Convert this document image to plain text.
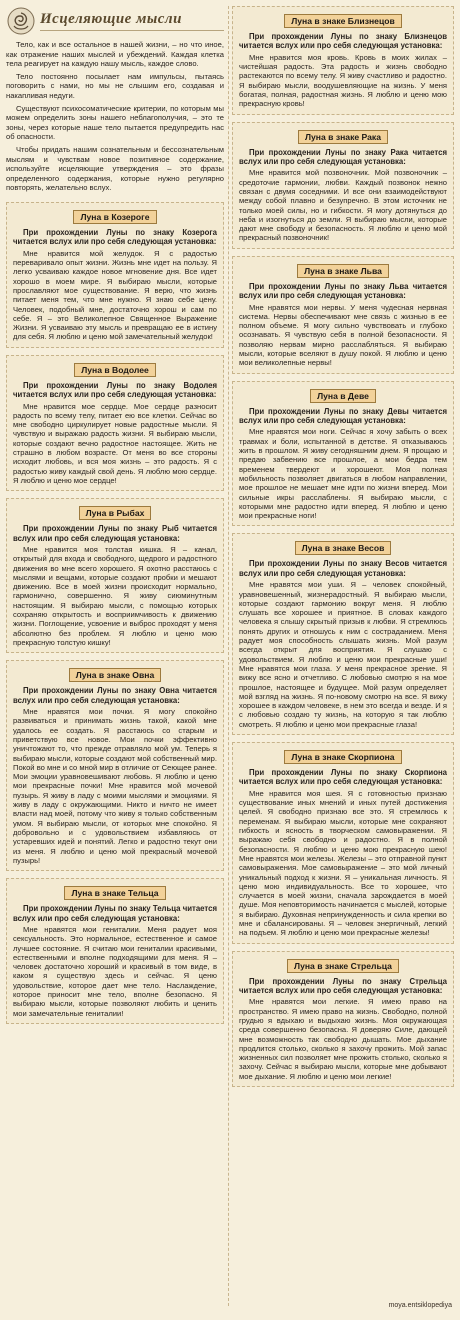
Исцеляющие мысли

Тело, как и все остальное в нашей жизни, – но что иное, как отражение наших мыслей и убеждений. Каждая клетка тела реагирует на каждую нашу мысль, каждое слово.

Тело постоянно посылает нам импульсы, пытаясь поговорить с нами, но мы не слышим его, создавая и накапливая недуги.

Существуют психосоматические критерии, по которым мы можем определить зоны нашего неблагополучия, – это те зоны, через которые наше тело пытается предупредить нас об опасности.

Чтобы придать нашим сознательным и бессознательным мыслям и чувствам новое позитивное содержание, используйте исцеляющие утверждения – это фразы определенного содержания, которые нужно регулярно повторять, желательно вслух.

Луна в Козероге

При прохождении Луны по знаку Козерога читается вслух или про себя следующая установка:

Мне нравится мой желудок. Я с радостью переваривало опыт жизни. Жизнь мне идет на пользу. Я легко усваиваю каждое новое мгновение дня. Все идет хорошо в моем мире. Я выбираю мысли, которые прославляют мое существование. Я верю, что жизнь питает меня тем, что мне нужно. Я знаю себе цену. Человек, подобный мне, достаточно хорош и сам по себе. Я – это Великолепное Священное Выражение Жизни. Я усваиваю эту мысль и превращаю ее в истину для себя. Я люблю и ценю мой замечательный желудок!

Луна в Водолее

При прохождении Луны по знаку Водолея читается вслух или про себя следующая установка:

Мне нравится мое сердце. Мое сердце разносит радость по всему телу, питает ею все клетки. Сейчас во мне свободно циркулирует новые радостные мысли. Я чувствую и выражаю радость жизни. Я выбираю мысли, которые создают вечно радостное настоящее. Жить не страшно в любом возрасте. От меня во все стороны исходит любовь, и вся моя жизнь – это радость. Я с радостью живу каждый свой день. Я люблю мою сердце. Я люблю и ценю мое сердце!

Луна в Рыбах

При прохождении Луны по знаку Рыб читается вслух или про себя следующая установка:

Мне нравится моя толстая кишка. Я – канал, открытый для входа и свободного, щедрого и радостного движения во мне всего хорошего. Я охотно расстаюсь с мыслями и вещами, которые создают пробки и мешают движению. Все в моей жизни происходит нормально, гармонично, совершенно. Я живу сиюминутным настоящим. Я выбираю мысли, с помощью которых сохраняю открытость и восприимчивость к движению жизни. Поглощение, усвоение и выброс проходят у меня абсолютно без проблем. Я люблю и ценю мою прекрасную толстую кишку!

Луна в знаке Овна

При прохождении Луны по знаку Овна читается вслух или про себя следующая установка:

Мне нравятся мои почки. Я могу спокойно развиваться и принимать жизнь такой, какой мне удалось ее создать. Я расстаюсь со старым и приветствую все новое. Мои почки эффективно уничтожают то, что прежде отравляло мой ум. Теперь я выбираю мысли, которые создают мой собственный мир. Покой во мне и со мной мир в отличие от Сеющее ранее. Мои эмоции уравновешивают любовь. Я люблю и ценю мои прекрасные почки! Мне нравится мой мочевой пузырь. Я живу в ладу с моими мыслями и эмоциями. Я живу в ладу с окружающими. Никто и ничто не имеет власти над моей, потому что живу я только собственным умом. Я выбираю мысли, от которых мне спокойно. Я добровольно и с удовольствием избавляюсь от устаревших идей и понятий. Легко и радостно текут они из меня. Я люблю и ценю мой прекрасный мочевой пузырь!

Луна в знаке Тельца

При прохождении Луны по знаку Тельца читается вслух или про себя следующая установка:

Мне нравятся мои гениталии. Меня радует моя сексуальность. Это нормальное, естественное и самое лучшее состояние. Я считаю мои гениталии красивыми, естественными и вполне подходящими для меня. Я – человек достаточно хороший и красивый в том виде, в каком я существую здесь и сейчас. Я ценю удовольствие, которое дает мне тело. Наслаждение, которое приносит мне тело, вполне безопасно. Я выбираю мысли, которые позволяют любить и ценить мои замечательные гениталии!

Луна в знаке Близнецов

При прохождении Луны по знаку Близнецов читается вслух или про себя следующая установка:

Мне нравится моя кровь. Кровь в моих жилах – чистейшая радость. Эта радость и жизнь свободно растекаются по всему телу. Я живу счастливо и радостно. Я выбираю мысли, воодушевляющие на жизнь. У меня богатая, полная, радостная жизнь. Я люблю и ценю мою прекрасную кровь!

Луна в знаке Рака

При прохождении Луны по знаку Рака читается вслух или про себя следующая установка:

Мне нравится мой позвоночник. Мой позвоночник – средоточие гармонии, любви. Каждый позвонок нежно связан с двумя соседними. И все они взаимодействуют между собой плавно и безупречно. В этом источник не только моей силы, но и гибкости. Я могу дотянуться до неба и изогнуться до земли. Я выбираю мысли, которые дают мне свободу и безопасность. Я люблю и ценю мой прекрасный позвоночник!

Луна в знаке Льва

При прохождении Луны по знаку Льва читается вслух или про себя следующая установка:

Мне нравятся мои нервы. У меня чудесная нервная система. Нервы обеспечивают мне связь с жизнью в ее полном объеме. Я могу сильно чувствовать и глубоко осознавать. Я чувствую себя в полной безопасности. Я позволяю нервам мирно расслабляться. Я выбираю мысли, которые вселяют в душу покой. Я люблю и ценю мои великолепные нервы!

Луна в Деве

При прохождении Луны по знаку Девы читается вслух или про себя следующая установка:

Мне нравятся мои ноги. Сейчас я хочу забыть о всех травмах и боли, испытанной в детстве. Я отказываюсь жить в прошлом. Я живу сегодняшним днем. Я прощаю и предаю забвению все прошлое, а мои бедра тем временем твердеют и хорошеют. Моя полная мобильность позволяет двигаться в любом направлении, мое прошлое не мешает мне идти по жизни вперед. Мои сильные икры расслаблены. Я выбираю мысли, с которыми мне радостно идти вперед. Я люблю и ценю мои прекрасные ноги!

Луна в знаке Весов

При прохождении Луны по знаку Весов читается вслух или про себя следующая установка:

Мне нравятся мои уши. Я – человек спокойный, уравновешенный, жизнерадостный. Я выбираю мысли, которые создают гармонию вокруг меня. Я люблю слушать все хорошее и приятное. В словах каждого человека я слышу скрытый призыв к любви. Я стремлюсь понять других и отношусь к ним с состраданием. Меня радует моя способность слышать жизнь. Мой разум всегда открыт для восприятия. Я слушаю с удовольствием. Я люблю и ценю мои прекрасные уши! Мне нравятся мои глаза. У меня прекрасное зрение. Я вижу все ясно и отчетливо. С любовью смотрю я на мое прошлое, настоящее и будущее. Мой разум определяет мой взгляд на жизнь. Я по-новому смотрю на все. Я вижу хорошее в каждом человеке, в нем это всегда и везде. И я с любовью создаю ту жизнь, на которую я так люблю смотреть. Я люблю и ценю мои прекрасные глаза!

Луна в знаке Скорпиона

При прохождении Луны по знаку Скорпиона читается вслух или про себя следующая установка:

Мне нравится моя шея. Я с готовностью признаю существование иных мнений и иных путей достижения целей. Я свободно признаю все это. Я стремлюсь к переменам. Я выбираю мысли, которые мне сохраняют гибкость и ясность в творческом самовыражении. Я выражаю себя свободно и радостно. Я в полной безопасности. Я люблю и ценю мою прекрасную шею! Мне нравятся мои железы. Железы – это отправной пункт самовыражения. Мое самовыражение – это мой личный уникальный подход к жизни. Я – уникальная личность. Я ценю мою индивидуальность. Все то хорошее, что случается в моей жизни, сначала зарождается в моей душе. Моя неповторимость начинается с мыслей, которые я выбираю. Духовная непринужденность и сила крепки во мне и сбалансированы. Я – человек энергичный, легкий на подъем. Я люблю и ценю мои прекрасные железы!

Луна в знаке Стрельца

При прохождении Луны по знаку Стрельца читается вслух или про себя следующая установка:

Мне нравятся мои легкие. Я имею право на пространство. Я имею право на жизнь. Свободно, полной грудью я вдыхаю и выдыхаю жизнь. Моя окружающая среда совершенно безопасна. Я доверяю Силе, дающей мне возможность так свободно дышать. Мое дыхание продлится столько, сколько я захочу прожить. Мой запас жизненных сил позволяет мне прожить столько, сколько я захочу. Сейчас я выбираю мысли, которые мне добывают мое дыхание. Я люблю и ценю мои легкие!

moya.entsiklopediya
